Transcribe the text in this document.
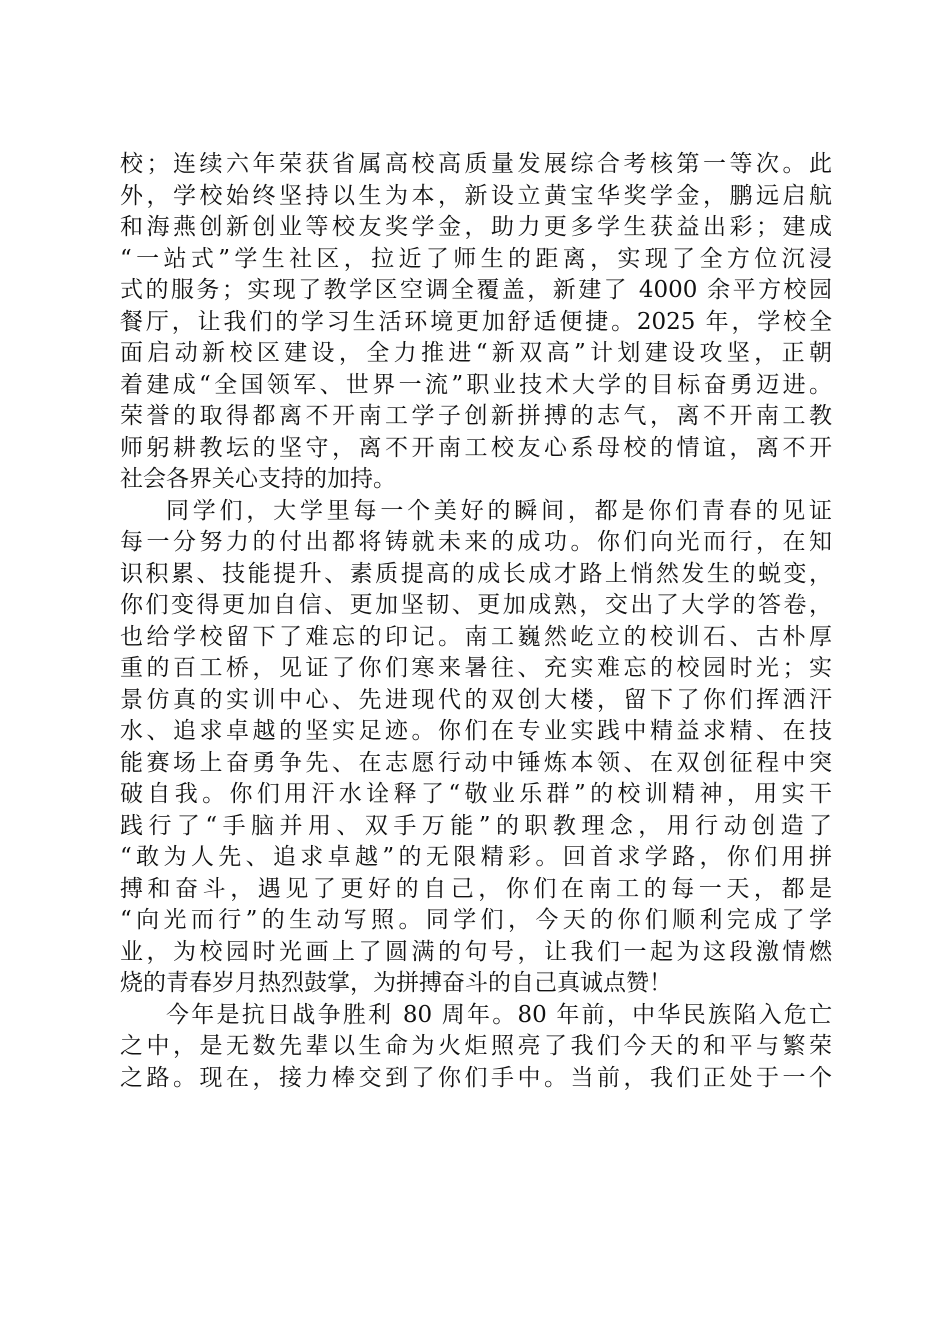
校；连续六年荣获省属高校高质量发展综合考核第一等次。此
外，学校始终坚持以生为本，新设立黄宝华奖学金，鹏远启航
和海燕创新创业等校友奖学金，助力更多学生获益出彩；建成
“一站式”学生社区，拉近了师生的距离，实现了全方位沉浸
式的服务；实现了教学区空调全覆盖，新建了 4000 余平方校园
餐厅，让我们的学习生活环境更加舒适便捷。2025 年，学校全
面启动新校区建设，全力推进“新双高”计划建设攻坚，正朝
着建成“全国领军、世界一流”职业技术大学的目标奋勇迈进。
荣誉的取得都离不开南工学子创新拼搏的志气，离不开南工教
师躬耕教坛的坚守，离不开南工校友心系母校的情谊，离不开
社会各界关心支持的加持。
同学们，大学里每一个美好的瞬间，都是你们青春的见证
每一分努力的付出都将铸就未来的成功。你们向光而行，在知
识积累、技能提升、素质提高的成长成才路上悄然发生的蜕变，
你们变得更加自信、更加坚韧、更加成熟，交出了大学的答卷，
也给学校留下了难忘的印记。南工巍然屹立的校训石、古朴厚
重的百工桥，见证了你们寒来暑往、充实难忘的校园时光；实
景仿真的实训中心、先进现代的双创大楼，留下了你们挥洒汗
水、追求卓越的坚实足迹。你们在专业实践中精益求精、在技
能赛场上奋勇争先、在志愿行动中锤炼本领、在双创征程中突
破自我。你们用汗水诠释了“敬业乐群”的校训精神，用实干
践行了“手脑并用、双手万能”的职教理念，用行动创造了
“敢为人先、追求卓越”的无限精彩。回首求学路，你们用拼
搏和奋斗，遇见了更好的自己，你们在南工的每一天，都是
“向光而行”的生动写照。同学们，今天的你们顺利完成了学
业，为校园时光画上了圆满的句号，让我们一起为这段激情燃
烧的青春岁月热烈鼓掌，为拼搏奋斗的自己真诚点赞！
今年是抗日战争胜利 80 周年。80 年前，中华民族陷入危亡
之中，是无数先辈以生命为火炬照亮了我们今天的和平与繁荣
之路。现在，接力棒交到了你们手中。当前，我们正处于一个
